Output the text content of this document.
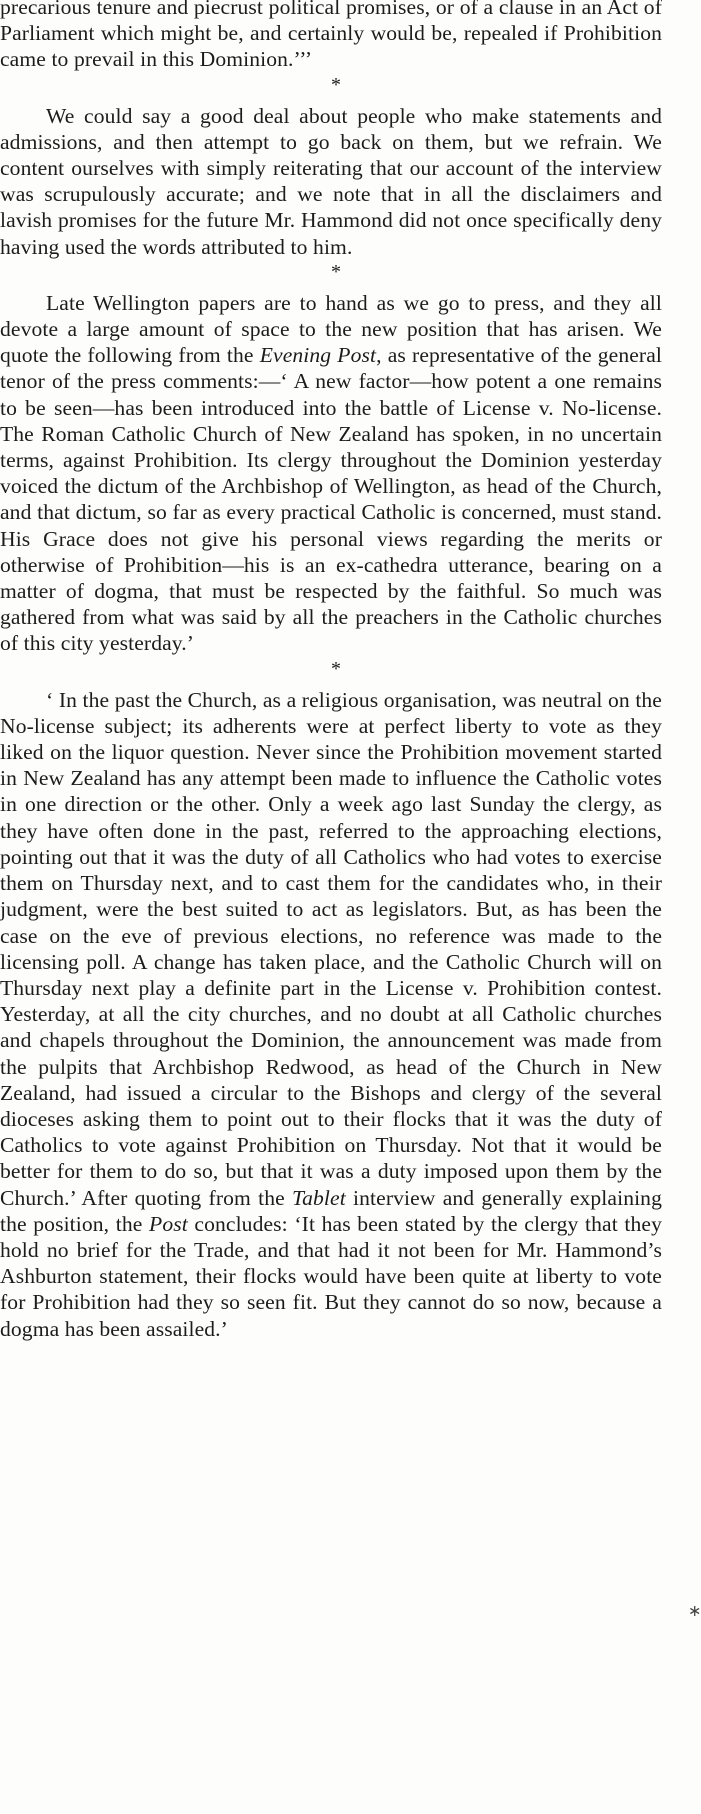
precarious tenure and piecrust political promises, or of a clause in an Act of Parliament which might be, and certainly would be, repealed if Prohibition came to prevail in this Dominion.’’’

*

We could say a good deal about people who make statements and admissions, and then attempt to go back on them, but we refrain. We content ourselves with simply reiterating that our account of the interview was scrupulously accurate; and we note that in all the disclaimers and lavish promises for the future Mr. Hammond did not once specifically deny having used the words attributed to him.

*

Late Wellington papers are to hand as we go to press, and they all devote a large amount of space to the new position that has arisen. We quote the following from the Evening Post, as representative of the general tenor of the press comments:—‘ A new factor—how potent a one remains to be seen—has been introduced into the battle of License v. No-license. The Roman Catholic Church of New Zealand has spoken, in no uncertain terms, against Prohibition. Its clergy throughout the Dominion yesterday voiced the dictum of the Archbishop of Wellington, as head of the Church, and that dictum, so far as every practical Catholic is concerned, must stand. His Grace does not give his personal views regarding the merits or otherwise of Prohibition—his is an ex-cathedra utterance, bearing on a matter of dogma, that must be respected by the faithful. So much was gathered from what was said by all the preachers in the Catholic churches of this city yesterday.’

*

‘ In the past the Church, as a religious organisation, was neutral on the No-license subject; its adherents were at perfect liberty to vote as they liked on the liquor question. Never since the Prohibition movement started in New Zealand has any attempt been made to influence the Catholic votes in one direction or the other. Only a week ago last Sunday the clergy, as they have often done in the past, referred to the approaching elections, pointing out that it was the duty of all Catholics who had votes to exercise them on Thursday next, and to cast them for the candidates who, in their judgment, were the best suited to act as legislators. But, as has been the case on the eve of previous elections, no reference was made to the licensing poll. A change has taken place, and the Catholic Church will on Thursday next play a definite part in the License v. Prohibition contest. Yesterday, at all the city churches, and no doubt at all Catholic churches and chapels throughout the Dominion, the announcement was made from the pulpits that Archbishop Redwood, as head of the Church in New Zealand, had issued a circular to the Bishops and clergy of the several dioceses asking them to point out to their flocks that it was the duty of Catholics to vote against Prohibition on Thursday. Not that it would be better for them to do so, but that it was a duty imposed upon them by the Church.’ After quoting from the Tablet interview and generally explaining the position, the Post concludes: ‘It has been stated by the clergy that they hold no brief for the Trade, and that had it not been for Mr. Hammond’s Ashburton statement, their flocks would have been quite at liberty to vote for Prohibition had they so seen fit. But they cannot do so now, because a dogma has been assailed.’

∗
